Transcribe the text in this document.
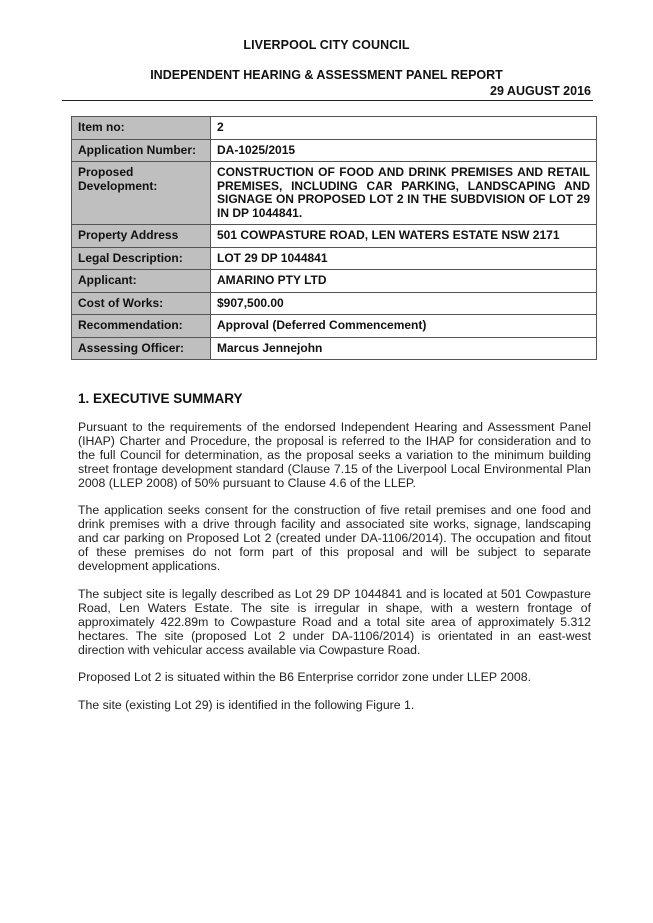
LIVERPOOL CITY COUNCIL
INDEPENDENT HEARING & ASSESSMENT PANEL REPORT
29 AUGUST 2016
Item no:	2
Application Number:	DA-1025/2015
Proposed Development:	CONSTRUCTION OF FOOD AND DRINK PREMISES AND RETAIL PREMISES, INCLUDING CAR PARKING, LANDSCAPING AND SIGNAGE ON PROPOSED LOT 2 IN THE SUBDVISION OF LOT 29 IN DP 1044841.
Property Address	501 COWPASTURE ROAD, LEN WATERS ESTATE NSW 2171
Legal Description:	LOT 29 DP 1044841
Applicant:	AMARINO PTY LTD
Cost of Works:	$907,500.00
Recommendation:	Approval (Deferred Commencement)
Assessing Officer:	Marcus Jennejohn
1. EXECUTIVE SUMMARY
Pursuant to the requirements of the endorsed Independent Hearing and Assessment Panel (IHAP) Charter and Procedure, the proposal is referred to the IHAP for consideration and to the full Council for determination, as the proposal seeks a variation to the minimum building street frontage development standard (Clause 7.15 of the Liverpool Local Environmental Plan 2008 (LLEP 2008) of 50% pursuant to Clause 4.6 of the LLEP.
The application seeks consent for the construction of five retail premises and one food and drink premises with a drive through facility and associated site works, signage, landscaping and car parking on Proposed Lot 2 (created under DA-1106/2014). The occupation and fitout of these premises do not form part of this proposal and will be subject to separate development applications.
The subject site is legally described as Lot 29 DP 1044841 and is located at 501 Cowpasture Road, Len Waters Estate. The site is irregular in shape, with a western frontage of approximately 422.89m to Cowpasture Road and a total site area of approximately 5.312 hectares. The site (proposed Lot 2 under DA-1106/2014) is orientated in an east-west direction with vehicular access available via Cowpasture Road.
Proposed Lot 2 is situated within the B6 Enterprise corridor zone under LLEP 2008.
The site (existing Lot 29) is identified in the following Figure 1.
